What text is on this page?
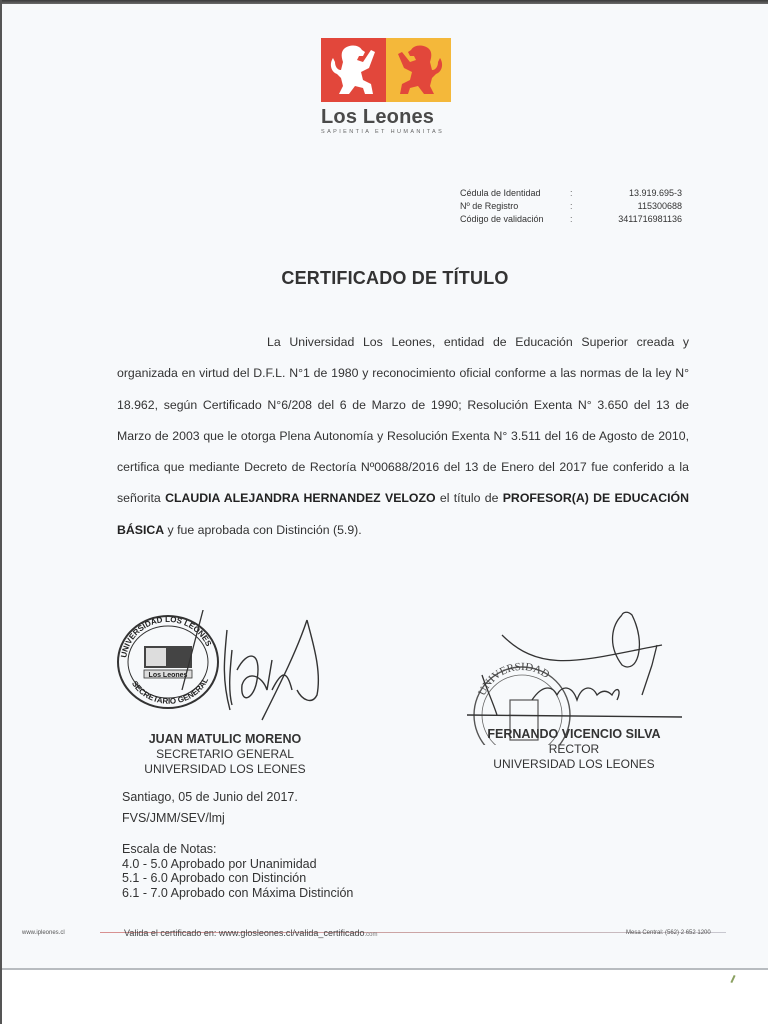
Los Leones
SAPIENTIA ET HUMANITAS
Cédula de Identidad	:	13.919.695-3
Nº de Registro	:	115300688
Código de validación	:	3411716981136
CERTIFICADO DE TÍTULO

La Universidad Los Leones, entidad de Educación Superior creada y organizada en virtud del D.F.L. N°1 de 1980 y reconocimiento oficial conforme a las normas de la ley N° 18.962, según Certificado N°6/208 del 6 de Marzo de 1990; Resolución Exenta N° 3.650 del 13 de Marzo de 2003 que le otorga Plena Autonomía y Resolución Exenta N° 3.511 del 16 de Agosto de 2010, certifica que mediante Decreto de Rectoría Nº00688/2016 del 13 de Enero del 2017 fue conferido a la señorita CLAUDIA ALEJANDRA HERNANDEZ VELOZO el título de PROFESOR(A) DE EDUCACIÓN BÁSICA y fue aprobada con Distinción (5.9).

Los Leones
UNIVERSIDAD LOS LEONES
SECRETARIO GENERAL
UNIVERSIDAD
JUAN MATULIC MORENO
SECRETARIO GENERAL
UNIVERSIDAD LOS LEONES
FERNANDO VICENCIO SILVA
RECTOR
UNIVERSIDAD LOS LEONES
Santiago, 05 de Junio del 2017.
FVS/JMM/SEV/lmj
Escala de Notas:
4.0 - 5.0 Aprobado por Unanimidad
5.1 - 6.0 Aprobado con Distinción
6.1 - 7.0 Aprobado con Máxima Distinción
www.ipleones.cl	Valida el certificado en: www.glosleones.cl/valida_certificado.com	Mesa Central: (562) 2 652 1200
